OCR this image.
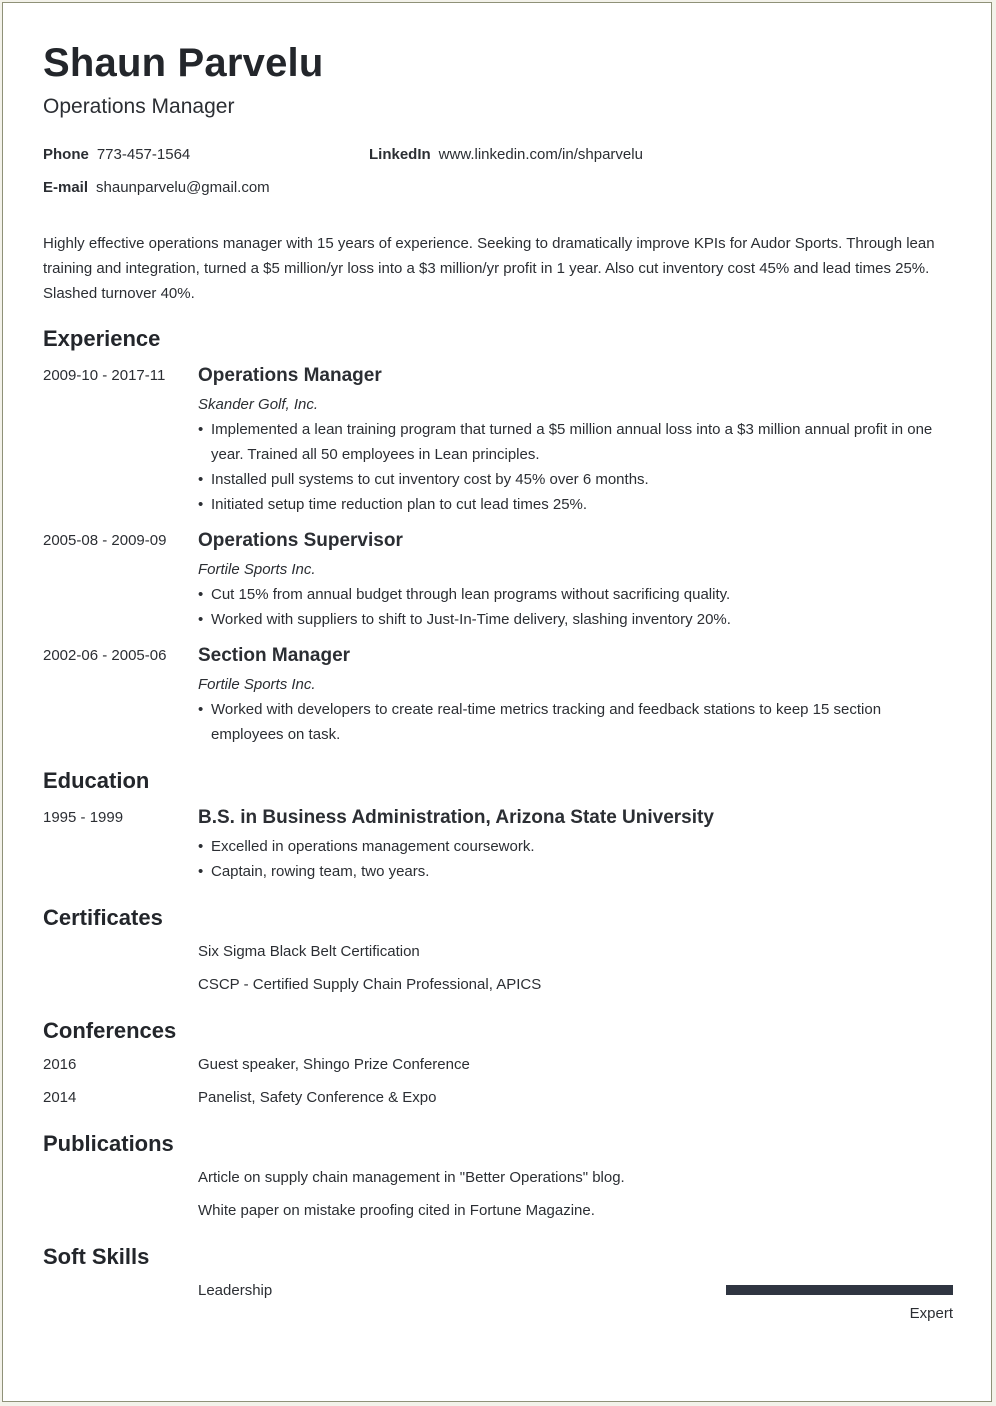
Shaun Parvelu
Operations Manager
Phone 773-457-1564	LinkedIn www.linkedin.com/in/shparvelu
E-mail shaunparvelu@gmail.com
Highly effective operations manager with 15 years of experience. Seeking to dramatically improve KPIs for Audor Sports. Through lean training and integration, turned a $5 million/yr loss into a $3 million/yr profit in 1 year. Also cut inventory cost 45% and lead times 25%. Slashed turnover 40%.
Experience
2009-10 - 2017-11 Operations Manager
Skander Golf, Inc.
• Implemented a lean training program that turned a $5 million annual loss into a $3 million annual profit in one year. Trained all 50 employees in Lean principles.
• Installed pull systems to cut inventory cost by 45% over 6 months.
• Initiated setup time reduction plan to cut lead times 25%.
2005-08 - 2009-09 Operations Supervisor
Fortile Sports Inc.
• Cut 15% from annual budget through lean programs without sacrificing quality.
• Worked with suppliers to shift to Just-In-Time delivery, slashing inventory 20%.
2002-06 - 2005-06 Section Manager
Fortile Sports Inc.
• Worked with developers to create real-time metrics tracking and feedback stations to keep 15 section employees on task.
Education
1995 - 1999	B.S. in Business Administration, Arizona State University
• Excelled in operations management coursework.
• Captain, rowing team, two years.
Certificates
Six Sigma Black Belt Certification
CSCP - Certified Supply Chain Professional, APICS
Conferences
2016	Guest speaker, Shingo Prize Conference
2014	Panelist, Safety Conference & Expo
Publications
Article on supply chain management in "Better Operations" blog.
White paper on mistake proofing cited in Fortune Magazine.
Soft Skills
Leadership
Expert
